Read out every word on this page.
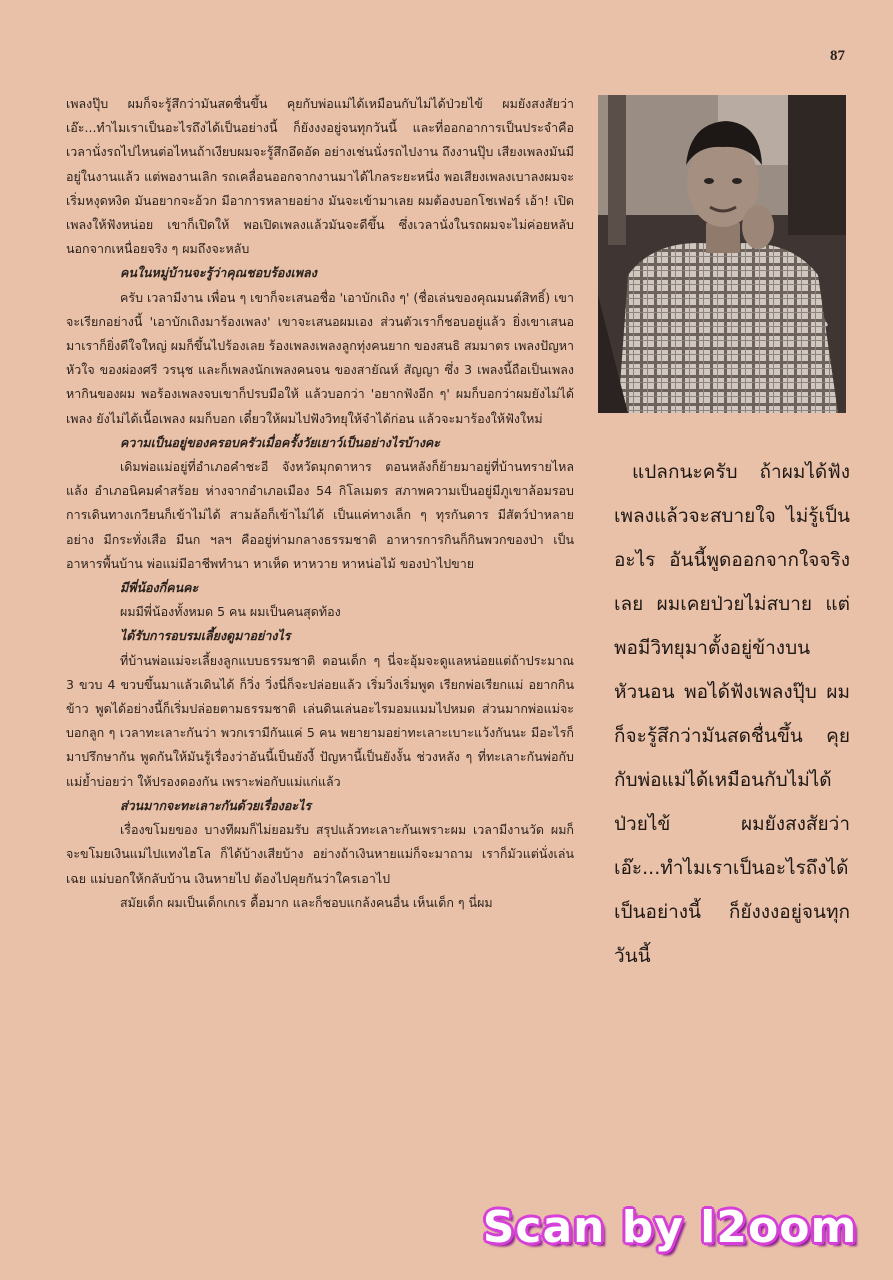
87

เพลงปุ๊บ ผมก็จะรู้สึกว่ามันสดชื่นขึ้น คุยกับพ่อแม่ได้เหมือนกับไม่ได้ป่วยไข้ ผมยังสงสัยว่า เอ๊ะ...ทำไมเราเป็นอะไรถึงได้เป็นอย่างนี้ ก็ยังงงอยู่จนทุกวันนี้ และที่ออกอาการเป็นประจำคือ เวลานั่งรถไปไหนต่อไหนถ้าเงียบผมจะรู้สึกอึดอัด อย่างเช่นนั่งรถไปงาน ถึงงานปุ๊บ เสียงเพลงมันมีอยู่ในงานแล้ว แต่พองานเลิก รถเคลื่อนออกจากงานมาได้ไกลระยะหนึ่ง พอเสียงเพลงเบาลงผมจะเริ่มหงุดหงิด มันอยากจะอ้วก มีอาการหลายอย่าง มันจะเข้ามาเลย ผมต้องบอกโชเฟอร์ เอ้า! เปิดเพลงให้ฟังหน่อย เขาก็เปิดให้ พอเปิดเพลงแล้วมันจะดีขึ้น ซึ่งเวลานั่งในรถผมจะไม่ค่อยหลับ นอกจากเหนื่อยจริง ๆ ผมถึงจะหลับ

คนในหมู่บ้านจะรู้ว่าคุณชอบร้องเพลง

ครับ เวลามีงาน เพื่อน ๆ เขาก็จะเสนอชื่อ 'เอาบักเถิง ๆ' (ชื่อเล่นของคุณมนต์สิทธิ์) เขาจะเรียกอย่างนี้ 'เอาบักเถิงมาร้องเพลง' เขาจะเสนอผมเอง ส่วนตัวเราก็ชอบอยู่แล้ว ยิ่งเขาเสนอมาเราก็ยิ่งดีใจใหญ่ ผมก็ขึ้นไปร้องเลย ร้องเพลงเพลงลูกทุ่งคนยาก ของสนธิ สมมาตร เพลงปัญหาหัวใจ ของผ่องศรี วรนุช และก็เพลงนักเพลงคนจน ของสายัณห์ สัญญา ซึ่ง 3 เพลงนี้ถือเป็นเพลงหากินของผม พอร้องเพลงจบเขาก็ปรบมือให้ แล้วบอกว่า 'อยากฟังอีก ๆ' ผมก็บอกว่าผมยังไม่ได้เพลง ยังไม่ได้เนื้อเพลง ผมก็บอก เดี๋ยวให้ผมไปฟังวิทยุให้จำได้ก่อน แล้วจะมาร้องให้ฟังใหม่

ความเป็นอยู่ของครอบครัวเมื่อครั้งวัยเยาว์เป็นอย่างไรบ้างคะ

เดิมพ่อแม่อยู่ที่อำเภอคำชะอี จังหวัดมุกดาหาร ตอนหลังก็ย้ายมาอยู่ที่บ้านทรายไหลแล้ง อำเภอนิคมคำสร้อย ห่างจากอำเภอเมือง 54 กิโลเมตร สภาพความเป็นอยู่มีภูเขาล้อมรอบ การเดินทางเกวียนก็เข้าไม่ได้ สามล้อก็เข้าไม่ได้ เป็นแค่ทางเล็ก ๆ ทุรกันดาร มีสัตว์ป่าหลายอย่าง มีกระทั่งเสือ มีนก ฯลฯ คืออยู่ท่ามกลางธรรมชาติ อาหารการกินก็กินพวกของป่า เป็นอาหารพื้นบ้าน พ่อแม่มีอาชีพทำนา หาเห็ด หาหวาย หาหน่อไม้ ของป่าไปขาย

มีพี่น้องกี่คนคะ

ผมมีพี่น้องทั้งหมด 5 คน ผมเป็นคนสุดท้อง

ได้รับการอบรมเลี้ยงดูมาอย่างไร

ที่บ้านพ่อแม่จะเลี้ยงลูกแบบธรรมชาติ ตอนเด็ก ๆ นี่จะอุ้มจะดูแลหน่อยแต่ถ้าประมาณ 3 ขวบ 4 ขวบขึ้นมาแล้วเดินได้ ก็วิ่ง วิ่งนี่ก็จะปล่อยแล้ว เริ่มวิ่งเริ่มพูด เรียกพ่อเรียกแม่ อยากกินข้าว พูดได้อย่างนี้ก็เริ่มปล่อยตามธรรมชาติ เล่นดินเล่นอะไรมอมแมมไปหมด ส่วนมากพ่อแม่จะบอกลูก ๆ เวลาทะเลาะกันว่า พวกเรามีกันแค่ 5 คน พยายามอย่าทะเลาะเบาะแว้งกันนะ มีอะไรก็มาปรึกษากัน พูดกันให้มันรู้เรื่องว่าอันนี้เป็นยังงี้ ปัญหานี้เป็นยังงั้น ช่วงหลัง ๆ ที่ทะเลาะกันพ่อกับแม่ย้ำบ่อยว่า ให้ปรองดองกัน เพราะพ่อกับแม่แก่แล้ว

ส่วนมากจะทะเลาะกันด้วยเรื่องอะไร

เรื่องขโมยของ บางทีผมก็ไม่ยอมรับ สรุปแล้วทะเลาะกันเพราะผม เวลามีงานวัด ผมก็จะขโมยเงินแม่ไปแทงไฮโล ก็ได้บ้างเสียบ้าง อย่างถ้าเงินหายแม่ก็จะมาถาม เราก็มัวแต่นั่งเล่นเฉย แม่บอกให้กลับบ้าน เงินหายไป ต้องไปคุยกันว่าใครเอาไป

สมัยเด็ก ผมเป็นเด็กเกเร ดื้อมาก และก็ชอบแกล้งคนอื่น เห็นเด็ก ๆ นี่ผม

แปลกนะครับ ถ้าผมได้ฟังเพลงแล้วจะสบายใจ ไม่รู้เป็นอะไร อันนี้พูดออกจากใจจริงเลย ผมเคยป่วยไม่สบาย แต่พอมีวิทยุมาตั้งอยู่ข้างบนหัวนอน พอได้ฟังเพลงปุ๊บ ผมก็จะรู้สึกว่ามันสดชื่นขึ้น คุยกับพ่อแม่ได้เหมือนกับไม่ได้ป่วยไข้ ผมยังสงสัยว่า เอ๊ะ...ทำไมเราเป็นอะไรถึงได้เป็นอย่างนี้ ก็ยังงงอยู่จนทุกวันนี้
Scan by l2oom
